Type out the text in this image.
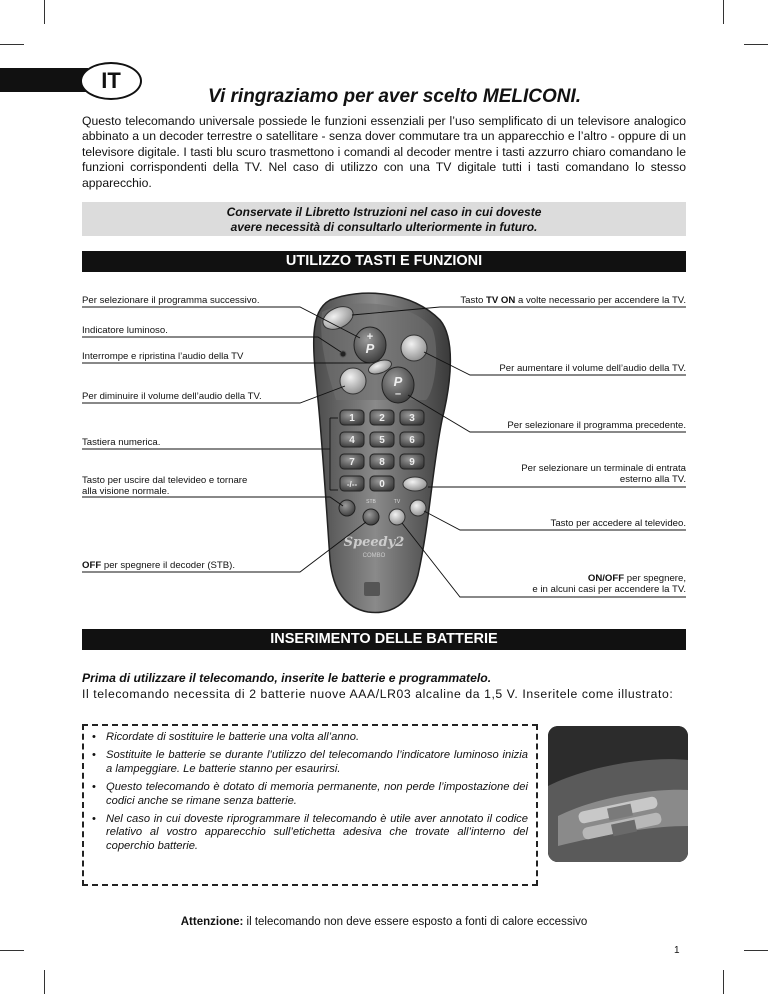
IT
Vi ringraziamo per aver scelto MELICONI.
Questo telecomando universale possiede le funzioni essenziali per l’uso semplificato di un televisore analogico abbinato a un decoder terrestre o satellitare - senza dover commutare tra un apparecchio e l’altro - oppure di un televisore digitale. I tasti blu scuro trasmettono i comandi al decoder mentre i tasti azzurro chiaro comandano le funzioni corrispondenti della TV. Nel caso di utilizzo con una TV digitale tutti i tasti comandano lo stesso apparecchio.
Conservate il Libretto Istruzioni nel caso in cui doveste
avere necessità di consultarlo ulteriormente in futuro.
UTILIZZO TASTI E FUNZIONI
+
P
P
–
1 2 3
4 5 6
7 8 9
-/-- 0
STB	TV
Speedy2
COMBO
Per selezionare il programma successivo.	Tasto TV ON a volte necessario per accendere la TV.
Indicatore luminoso.
Interrompe e ripristina l’audio della TV
Per aumentare il volume dell’audio della TV.
Per diminuire il volume dell’audio della TV.
Per selezionare il programma precedente.
Tastiera numerica.
Per selezionare un terminale di entrata
esterno alla TV.
Tasto per uscire dal televideo e tornare
alla visione normale.
Tasto per accedere al televideo.
OFF per spegnere il decoder (STB).
ON/OFF per spegnere,
e in alcuni casi per accendere la TV.
INSERIMENTO DELLE BATTERIE
Prima di utilizzare il telecomando, inserite le batterie e programmatelo.
Il telecomando necessita di 2 batterie nuove AAA/LR03 alcaline da 1,5 V. Inseritele come illustrato:
• Ricordate di sostituire le batterie una volta all’anno.
• Sostituite le batterie se durante l’utilizzo del telecomando l’indicatore luminoso inizia a lampeggiare. Le batterie stanno per esaurirsi.
• Questo telecomando è dotato di memoria permanente, non perde l’impostazione dei codici anche se rimane senza batterie.
• Nel caso in cui doveste riprogrammare il telecomando è utile aver annotato il codice relativo al vostro apparecchio sull’etichetta adesiva che trovate all’interno del coperchio batterie.
Attenzione: il telecomando non deve essere esposto a fonti di calore eccessivo
1
